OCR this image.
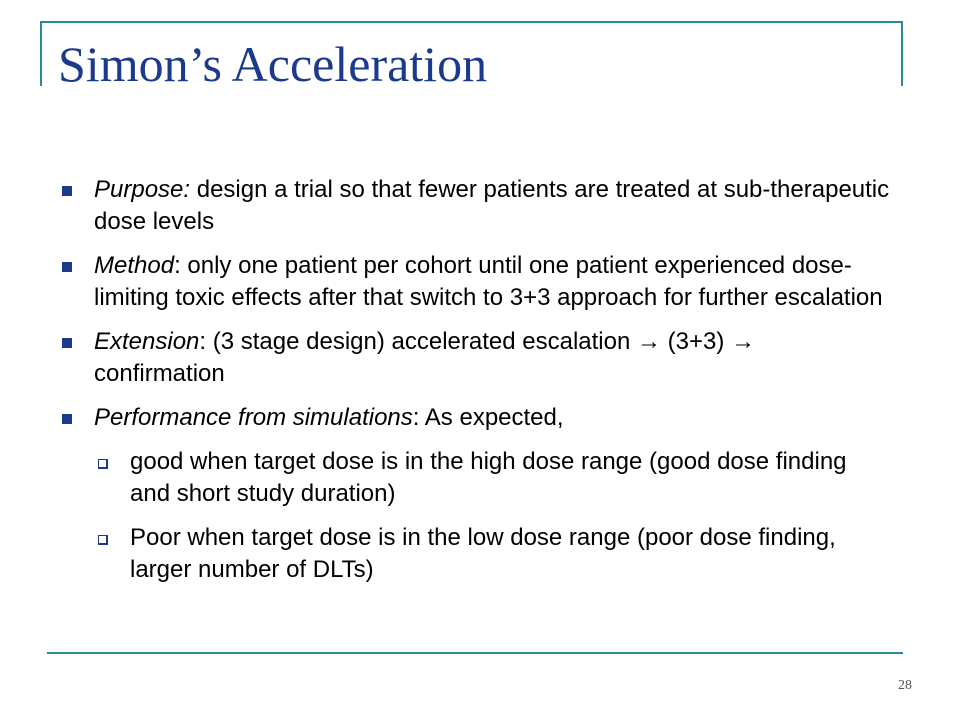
Simon’s Acceleration
Purpose: design a trial so that fewer patients are treated at sub-therapeutic dose levels
Method: only one patient per cohort until one patient experienced dose-limiting toxic effects after that switch to 3+3 approach for further escalation
Extension: (3 stage design) accelerated escalation → (3+3) → confirmation
Performance from simulations: As expected,
good when target dose is in the high dose range (good dose finding and short study duration)
Poor when target dose is in the low dose range (poor dose finding, larger number of DLTs)
28
